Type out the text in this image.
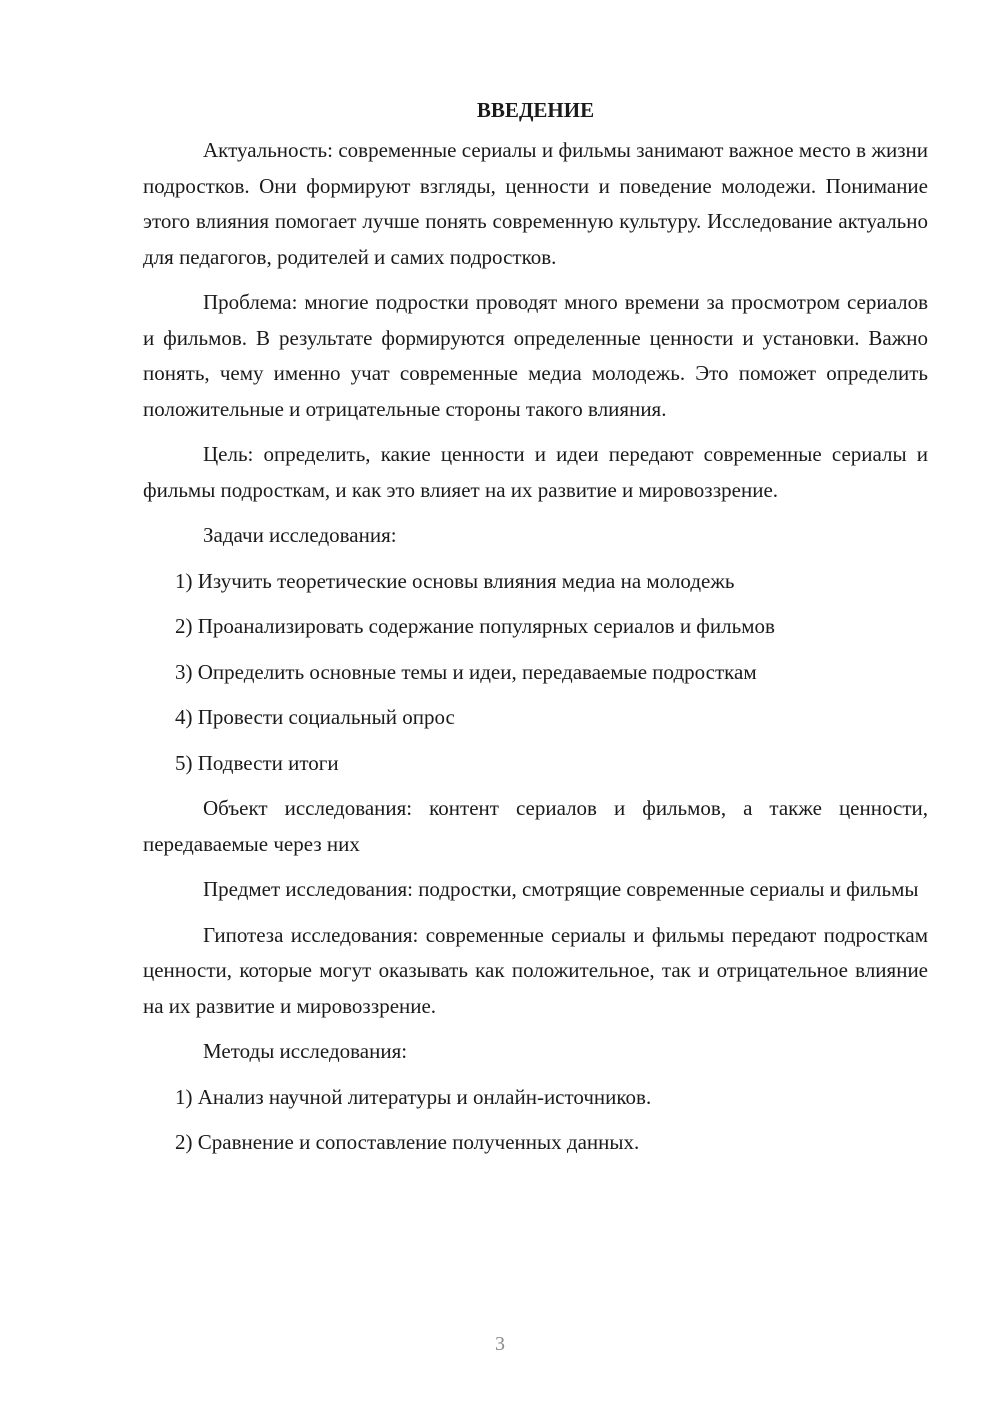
ВВЕДЕНИЕ

Актуальность: современные сериалы и фильмы занимают важное место в жизни подростков. Они формируют взгляды, ценности и поведение молодежи. Понимание этого влияния помогает лучше понять современную культуру. Исследование актуально для педагогов, родителей и самих подростков.

Проблема: многие подростки проводят много времени за просмотром сериалов и фильмов. В результате формируются определенные ценности и установки. Важно понять, чему именно учат современные медиа молодежь. Это поможет определить положительные и отрицательные стороны такого влияния.

Цель: определить, какие ценности и идеи передают современные сериалы и фильмы подросткам, и как это влияет на их развитие и мировоззрение.

Задачи исследования:

1) Изучить теоретические основы влияния медиа на молодежь
2) Проанализировать содержание популярных сериалов и фильмов
3) Определить основные темы и идеи, передаваемые подросткам
4) Провести социальный опрос
5) Подвести итоги

Объект исследования: контент сериалов и фильмов, а также ценности, передаваемые через них

Предмет исследования: подростки, смотрящие современные сериалы и фильмы

Гипотеза исследования: современные сериалы и фильмы передают подросткам ценности, которые могут оказывать как положительное, так и отрицательное влияние на их развитие и мировоззрение.

Методы исследования:

1) Анализ научной литературы и онлайн-источников.
2) Сравнение и сопоставление полученных данных.
3
